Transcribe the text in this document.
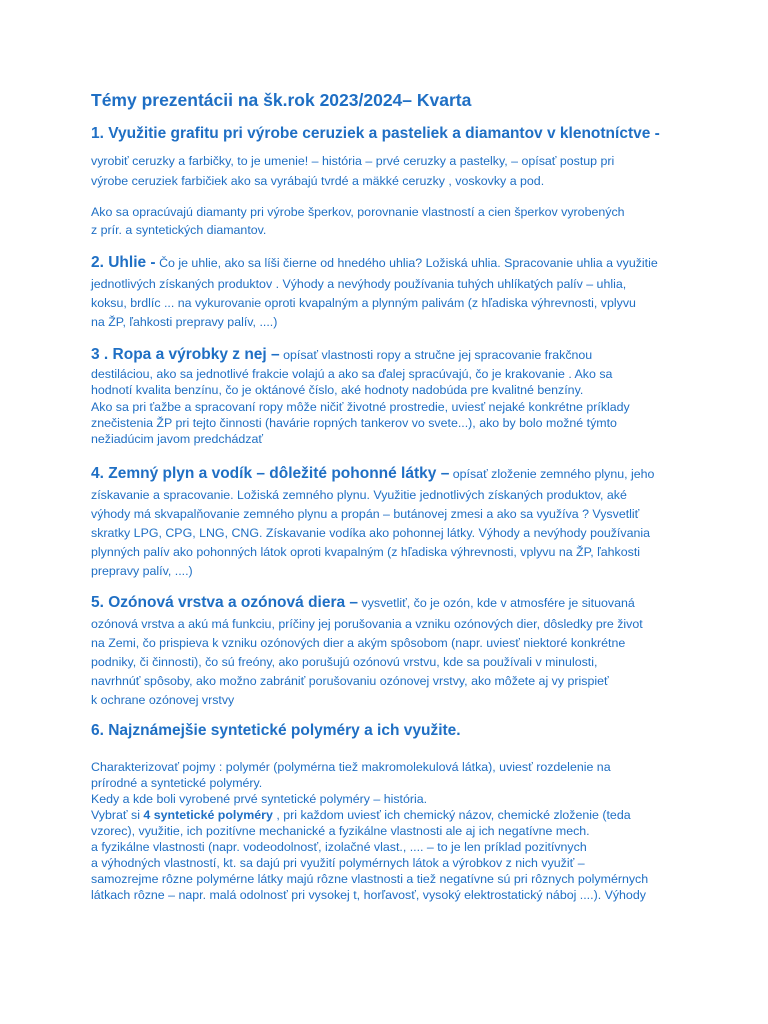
Témy prezentácii na šk.rok 2023/2024– Kvarta

1. Využitie grafitu pri výrobe ceruziek a pasteliek a diamantov v klenotníctve -

vyrobiť ceruzky a farbičky, to je umenie! – história – prvé ceruzky a pastelky, – opísať postup pri

výrobe ceruziek farbičiek ako sa vyrábajú tvrdé a mäkké ceruzky , voskovky a pod.

Ako sa opracúvajú diamanty pri výrobe šperkov, porovnanie vlastností a cien šperkov vyrobených

z prír. a syntetických diamantov.

2. Uhlie - Čo je uhlie, ako sa líši čierne od hnedého uhlia? Ložiská uhlia. Spracovanie uhlia a využitie

jednotlivých získaných produktov . Výhody a nevýhody používania tuhých uhlíkatých palív – uhlia,

koksu, brdlíc ... na vykurovanie oproti kvapalným a plynným palivám (z hľadiska výhrevnosti, vplyvu

na ŽP, ľahkosti prepravy palív, ....)

3 . Ropa a výrobky z nej – opísať vlastnosti ropy a stručne jej spracovanie frakčnou

destiláciou, ako sa jednotlivé frakcie volajú a ako sa ďalej spracúvajú, čo je krakovanie . Ako sa

hodnotí kvalita benzínu, čo je oktánové číslo, aké hodnoty nadobúda pre kvalitné benzíny.

Ako sa pri ťažbe a spracovaní ropy môže ničiť životné prostredie, uviesť nejaké konkrétne príklady

znečistenia ŽP pri tejto činnosti (havárie ropných tankerov vo svete...), ako by bolo možné týmto

nežiadúcim javom predchádzať

4. Zemný plyn a vodík – dôležité pohonné látky – opísať zloženie zemného plynu, jeho

získavanie a spracovanie. Ložiská zemného plynu. Využitie jednotlivých získaných produktov, aké

výhody má skvapalňovanie zemného plynu a propán – butánovej zmesi a ako sa využíva ? Vysvetliť

skratky LPG, CPG, LNG, CNG. Získavanie vodíka ako pohonnej látky. Výhody a nevýhody používania

plynných palív ako pohonných látok oproti kvapalným (z hľadiska výhrevnosti, vplyvu na ŽP, ľahkosti

prepravy palív, ....)

5. Ozónová vrstva a ozónová diera – vysvetliť, čo je ozón, kde v atmosfére je situovaná

ozónová vrstva a akú má funkciu, príčiny jej porušovania a vzniku ozónových dier, dôsledky pre život

na Zemi, čo prispieva k vzniku ozónových dier a akým spôsobom (napr. uviesť niektoré konkrétne

podniky, či činnosti), čo sú freóny, ako porušujú ozónovú vrstvu, kde sa používali v minulosti,

navrhnúť spôsoby, ako možno zabrániť porušovaniu ozónovej vrstvy, ako môžete aj vy prispieť

k ochrane ozónovej vrstvy

6. Najznámejšie syntetické polyméry a ich využite.

Charakterizovať pojmy : polymér (polymérna tiež makromolekulová látka), uviesť rozdelenie na

prírodné a syntetické polyméry.

Kedy a kde boli vyrobené prvé syntetické polyméry – história.

Vybrať si 4 syntetické polyméry , pri každom uviesť ich chemický názov, chemické zloženie (teda

vzorec), využitie, ich pozitívne mechanické a fyzikálne vlastnosti ale aj ich negatívne mech.

a fyzikálne vlastnosti (napr. vodeodolnosť, izolačné vlast., .... – to je len príklad pozitívnych

a výhodných vlastností, kt. sa dajú pri využití polymérnych látok a výrobkov z nich využiť –

samozrejme rôzne polymérne látky majú rôzne vlastnosti a tiež negatívne sú pri rôznych polymérnych

látkach rôzne – napr. malá odolnosť pri vysokej t, horľavosť, vysoký elektrostatický náboj ....). Výhody
